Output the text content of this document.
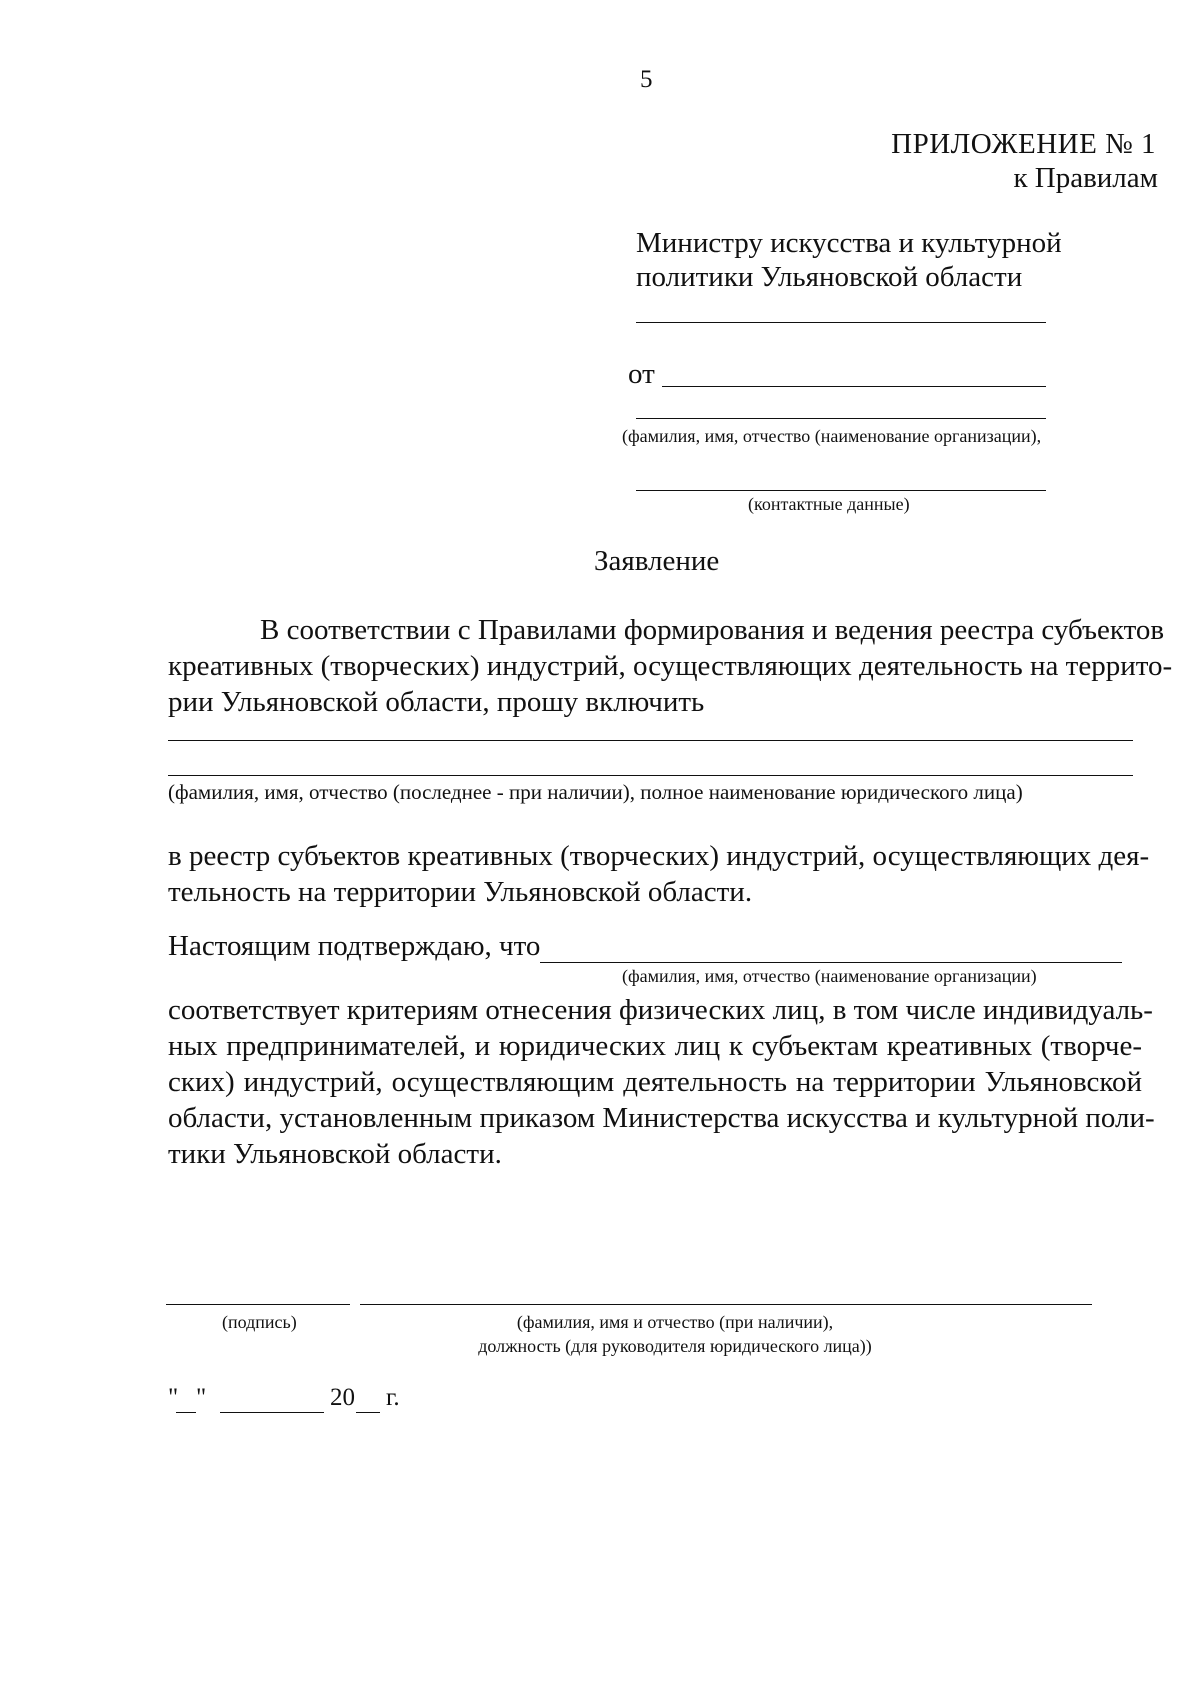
5
ПРИЛОЖЕНИЕ № 1
к Правилам
Министру искусства и культурной
политики Ульяновской области
от
(фамилия, имя, отчество (наименование организации),
(контактные данные)
Заявление
В соответствии с Правилами формирования и ведения реестра субъектов
креативных (творческих) индустрий, осуществляющих деятельность на террито-
рии Ульяновской области, прошу включить
(фамилия, имя, отчество (последнее - при наличии), полное наименование юридического лица)
в реестр субъектов креативных (творческих) индустрий, осуществляющих дея-
тельность на территории Ульяновской области.
Настоящим подтверждаю, что
(фамилия, имя, отчество (наименование организации)
соответствует критериям отнесения физических лиц, в том числе индивидуаль-
ных предпринимателей, и юридических лиц к субъектам креативных (творче-
ских) индустрий, осуществляющим деятельность на территории Ульяновской
области, установленным приказом Министерства искусства и культурной поли-
тики Ульяновской области.
(подпись)	(фамилия, имя и отчество (при наличии),
должность (для руководителя юридического лица))
" "	20 г.
